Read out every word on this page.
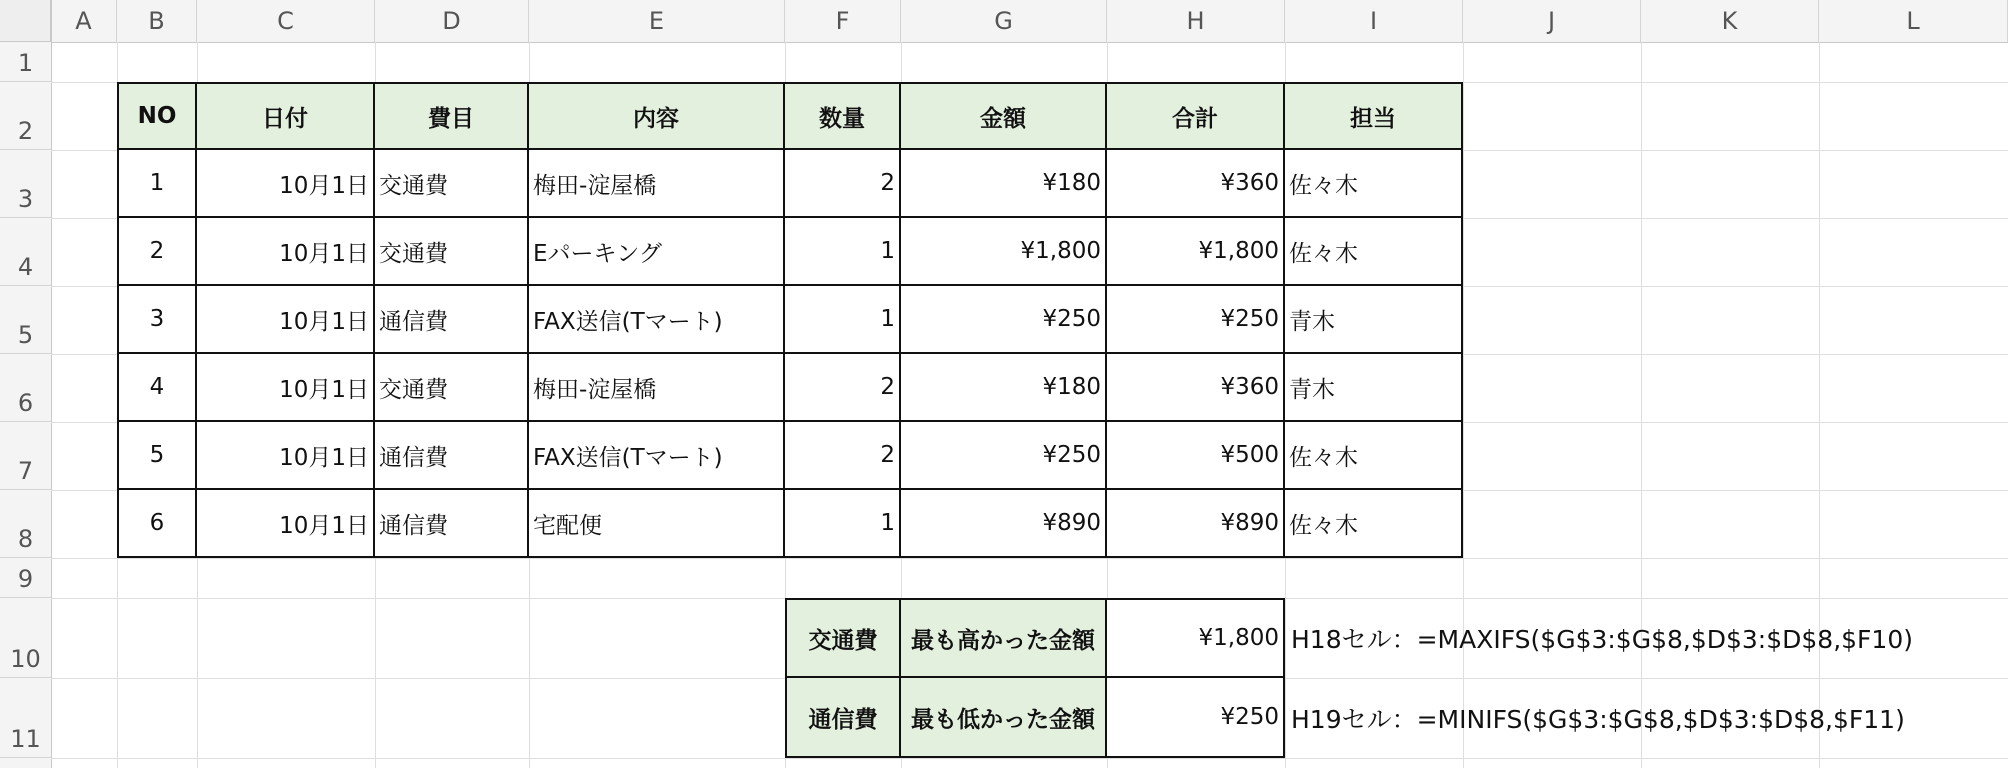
A	B	C	D	E	F	G	H	I	J	K	L
1
2
3
4
5
6
7
8
9
10
11
NO	日付	費目	内容	数量	金額	合計	担当
1	10月1日 交通費	梅田-淀屋橋	2	¥180	¥360 佐々木
2	10月1日 交通費	Eパーキング	1	¥1,800	¥1,800 佐々木
3	10月1日 通信費	FAX送信(Tマート)	1	¥250	¥250 青木
4	10月1日 交通費	梅田-淀屋橋	2	¥180	¥360 青木
5	10月1日 通信費	FAX送信(Tマート)	2	¥250	¥500 佐々木
6	10月1日 通信費	宅配便	1	¥890	¥890 佐々木
交通費	最も高かった金額	¥1,800 H18セル：=MAXIFS($G$3:$G$8,$D$3:$D$8,$F10)
通信費	最も低かった金額	¥250 H19セル：=MINIFS($G$3:$G$8,$D$3:$D$8,$F11)
